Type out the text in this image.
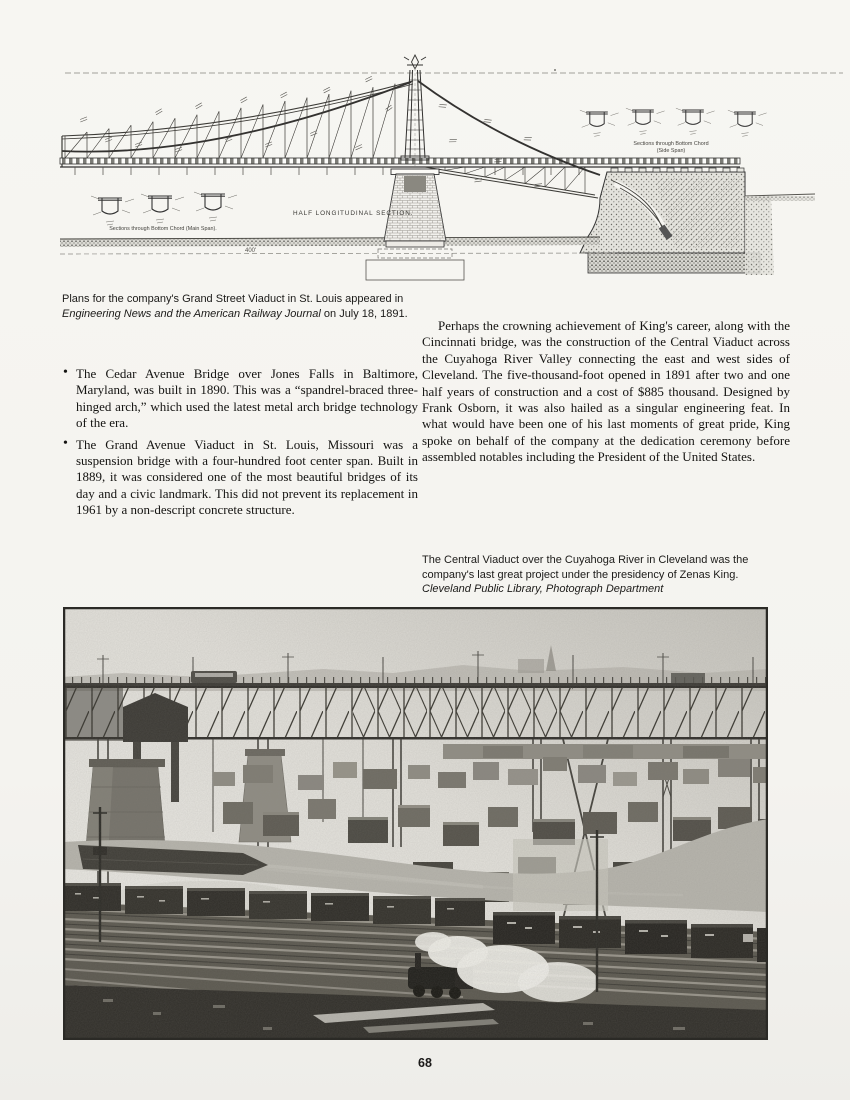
400'
Sections through Bottom Chord (Main Span).
Sections through Bottom Chord
(Side Span)
HALF LONGITUDINAL SECTION.
Plans for the company's Grand Street Viaduct in St. Louis appeared in Engineering News and the American Railway Journal on July 18, 1891.
• The Cedar Avenue Bridge over Jones Falls in Baltimore, Maryland, was built in 1890. This was a “spandrel-braced three-hinged arch,” which used the latest metal arch bridge technology of the era.
• The Grand Avenue Viaduct in St. Louis, Missouri was a suspension bridge with a four-hundred foot center span. Built in 1889, it was considered one of the most beautiful bridges of its day and a civic landmark. This did not prevent its replacement in 1961 by a non-descript concrete structure.

Perhaps the crowning achievement of King's career, along with the Cincinnati bridge, was the construction of the Central Viaduct across the Cuyahoga River Valley connecting the east and west sides of Cleveland. The five-thousand-foot opened in 1891 after two and one half years of construction and a cost of $885 thousand. Designed by Frank Osborn, it was also hailed as a singular engineering feat. In what would have been one of his last moments of great pride, King spoke on behalf of the company at the dedication ceremony before assembled notables including the President of the United States.

The Central Viaduct over the Cuyahoga River in Cleveland was the company's last great project under the presidency of Zenas King. Cleveland Public Library, Photograph Department
68
